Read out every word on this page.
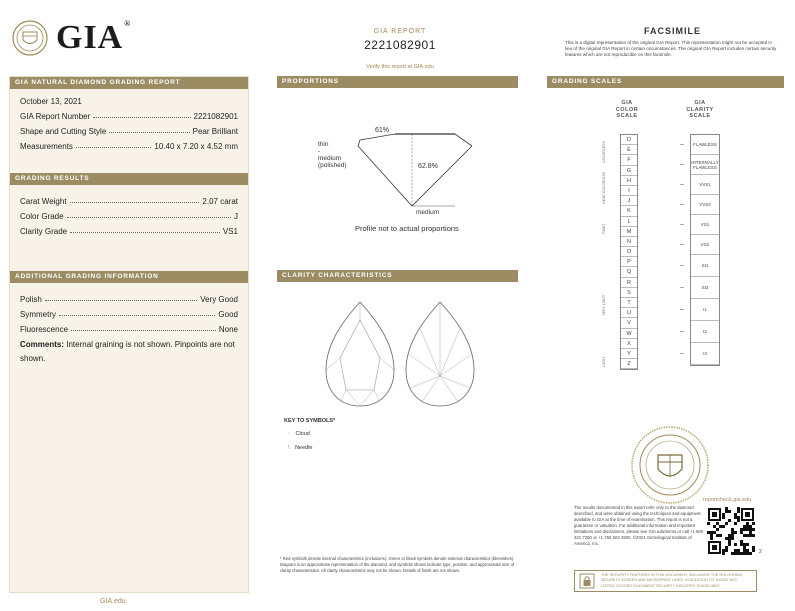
GIA®
GIA REPORT
2221082901
Verify this report at GIA.edu
FACSIMILE
This is a digital representation of the original GIA Report. This representation might not be accepted in lieu of the original GIA Report in certain circumstances. The original GIA Report includes certain security features which are not reproducible on this facsimile.
GIA NATURAL DIAMOND GRADING REPORT
October 13, 2021
GIA Report Number	2221082901
Shape and Cutting Style	Pear Brilliant
Measurements	10.40 x 7.20 x 4.52 mm
GRADING RESULTS
Carat Weight	2.07 carat
Color Grade	J
Clarity Grade	VS1
ADDITIONAL GRADING INFORMATION
Polish	Very Good
Symmetry	Good
Fluorescence	None
Comments: Internal graining is not shown. Pinpoints are not shown.
GIA.edu
PROPORTIONS
61%
62.8%
thin
-
medium
(polished)
medium
Profile not to actual proportions
CLARITY CHARACTERISTICS
KEY TO SYMBOLS*
◦ Cloud
\ Needle
* Red symbols denote internal characteristics (inclusions). Green or black symbols denote external characteristics (blemishes). Diagram is an approximate representation of the diamond, and symbols shown indicate type, position, and approximate size of clarity characteristics. All clarity characteristics may not be shown. Details of finish are not shown.
GRADING SCALES
GIA
COLOR
SCALE
GIA
CLARITY
SCALE
D
E
F
G
H
I
J
K
L
M
N
O
P
Q
R
S
T
U
V
W
X
Y
Z
COLORLESS
NEAR COLORLESS
FAINT
VERY LIGHT
LIGHT
FLAWLESS
INTERNALLY FLAWLESS
VVS1
VVS2
VS1
VS2
SI1
SI2
I1
I2
I3
reportcheck.gia.edu
The results documented in this report refer only to the diamond described, and were obtained using the techniques and equipment available to GIA at the time of examination. This report is not a guarantee or valuation. For additional information and important limitations and disclaimers, please see GIA.edu/terms or call +1 800 421 7250 or +1 760 603 4500. ©2021 Gemological Institute of America, Inc.
2
THE SECURITY FEATURES IN THIS DOCUMENT, INCLUDING THE HOLOGRAM, SECURITY SCREEN AND MICROPRINT LINES, IN ADDITION TO THOSE NOT LISTED, EXCEED DOCUMENT SECURITY INDUSTRY GUIDELINES.
